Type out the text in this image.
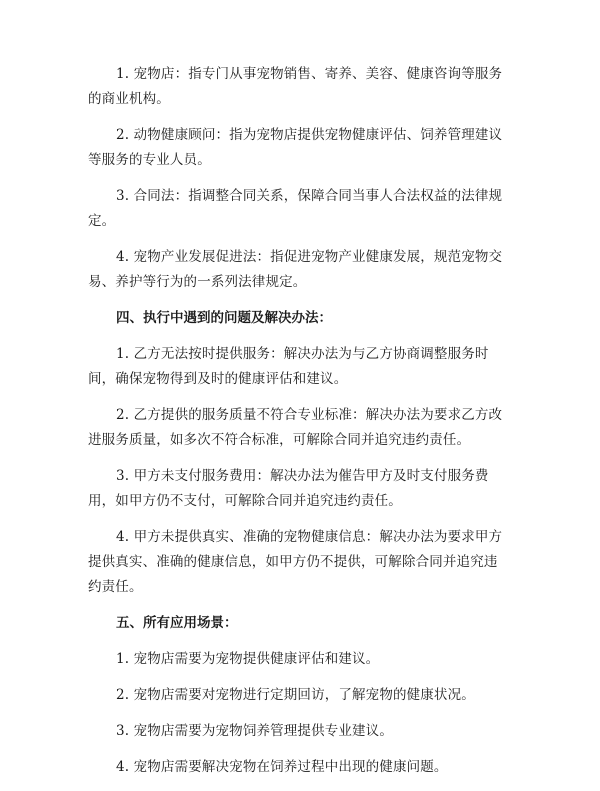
1. 宠物店：指专门从事宠物销售、寄养、美容、健康咨询等服务的商业机构。

2. 动物健康顾问：指为宠物店提供宠物健康评估、饲养管理建议等服务的专业人员。

3. 合同法：指调整合同关系，保障合同当事人合法权益的法律规定。

4. 宠物产业发展促进法：指促进宠物产业健康发展，规范宠物交易、养护等行为的一系列法律规定。

四、执行中遇到的问题及解决办法：

1. 乙方无法按时提供服务：解决办法为与乙方协商调整服务时间，确保宠物得到及时的健康评估和建议。

2. 乙方提供的服务质量不符合专业标准：解决办法为要求乙方改进服务质量，如多次不符合标准，可解除合同并追究违约责任。

3. 甲方未支付服务费用：解决办法为催告甲方及时支付服务费用，如甲方仍不支付，可解除合同并追究违约责任。

4. 甲方未提供真实、准确的宠物健康信息：解决办法为要求甲方提供真实、准确的健康信息，如甲方仍不提供，可解除合同并追究违约责任。

五、所有应用场景：

1. 宠物店需要为宠物提供健康评估和建议。

2. 宠物店需要对宠物进行定期回访，了解宠物的健康状况。

3. 宠物店需要为宠物饲养管理提供专业建议。

4. 宠物店需要解决宠物在饲养过程中出现的健康问题。
